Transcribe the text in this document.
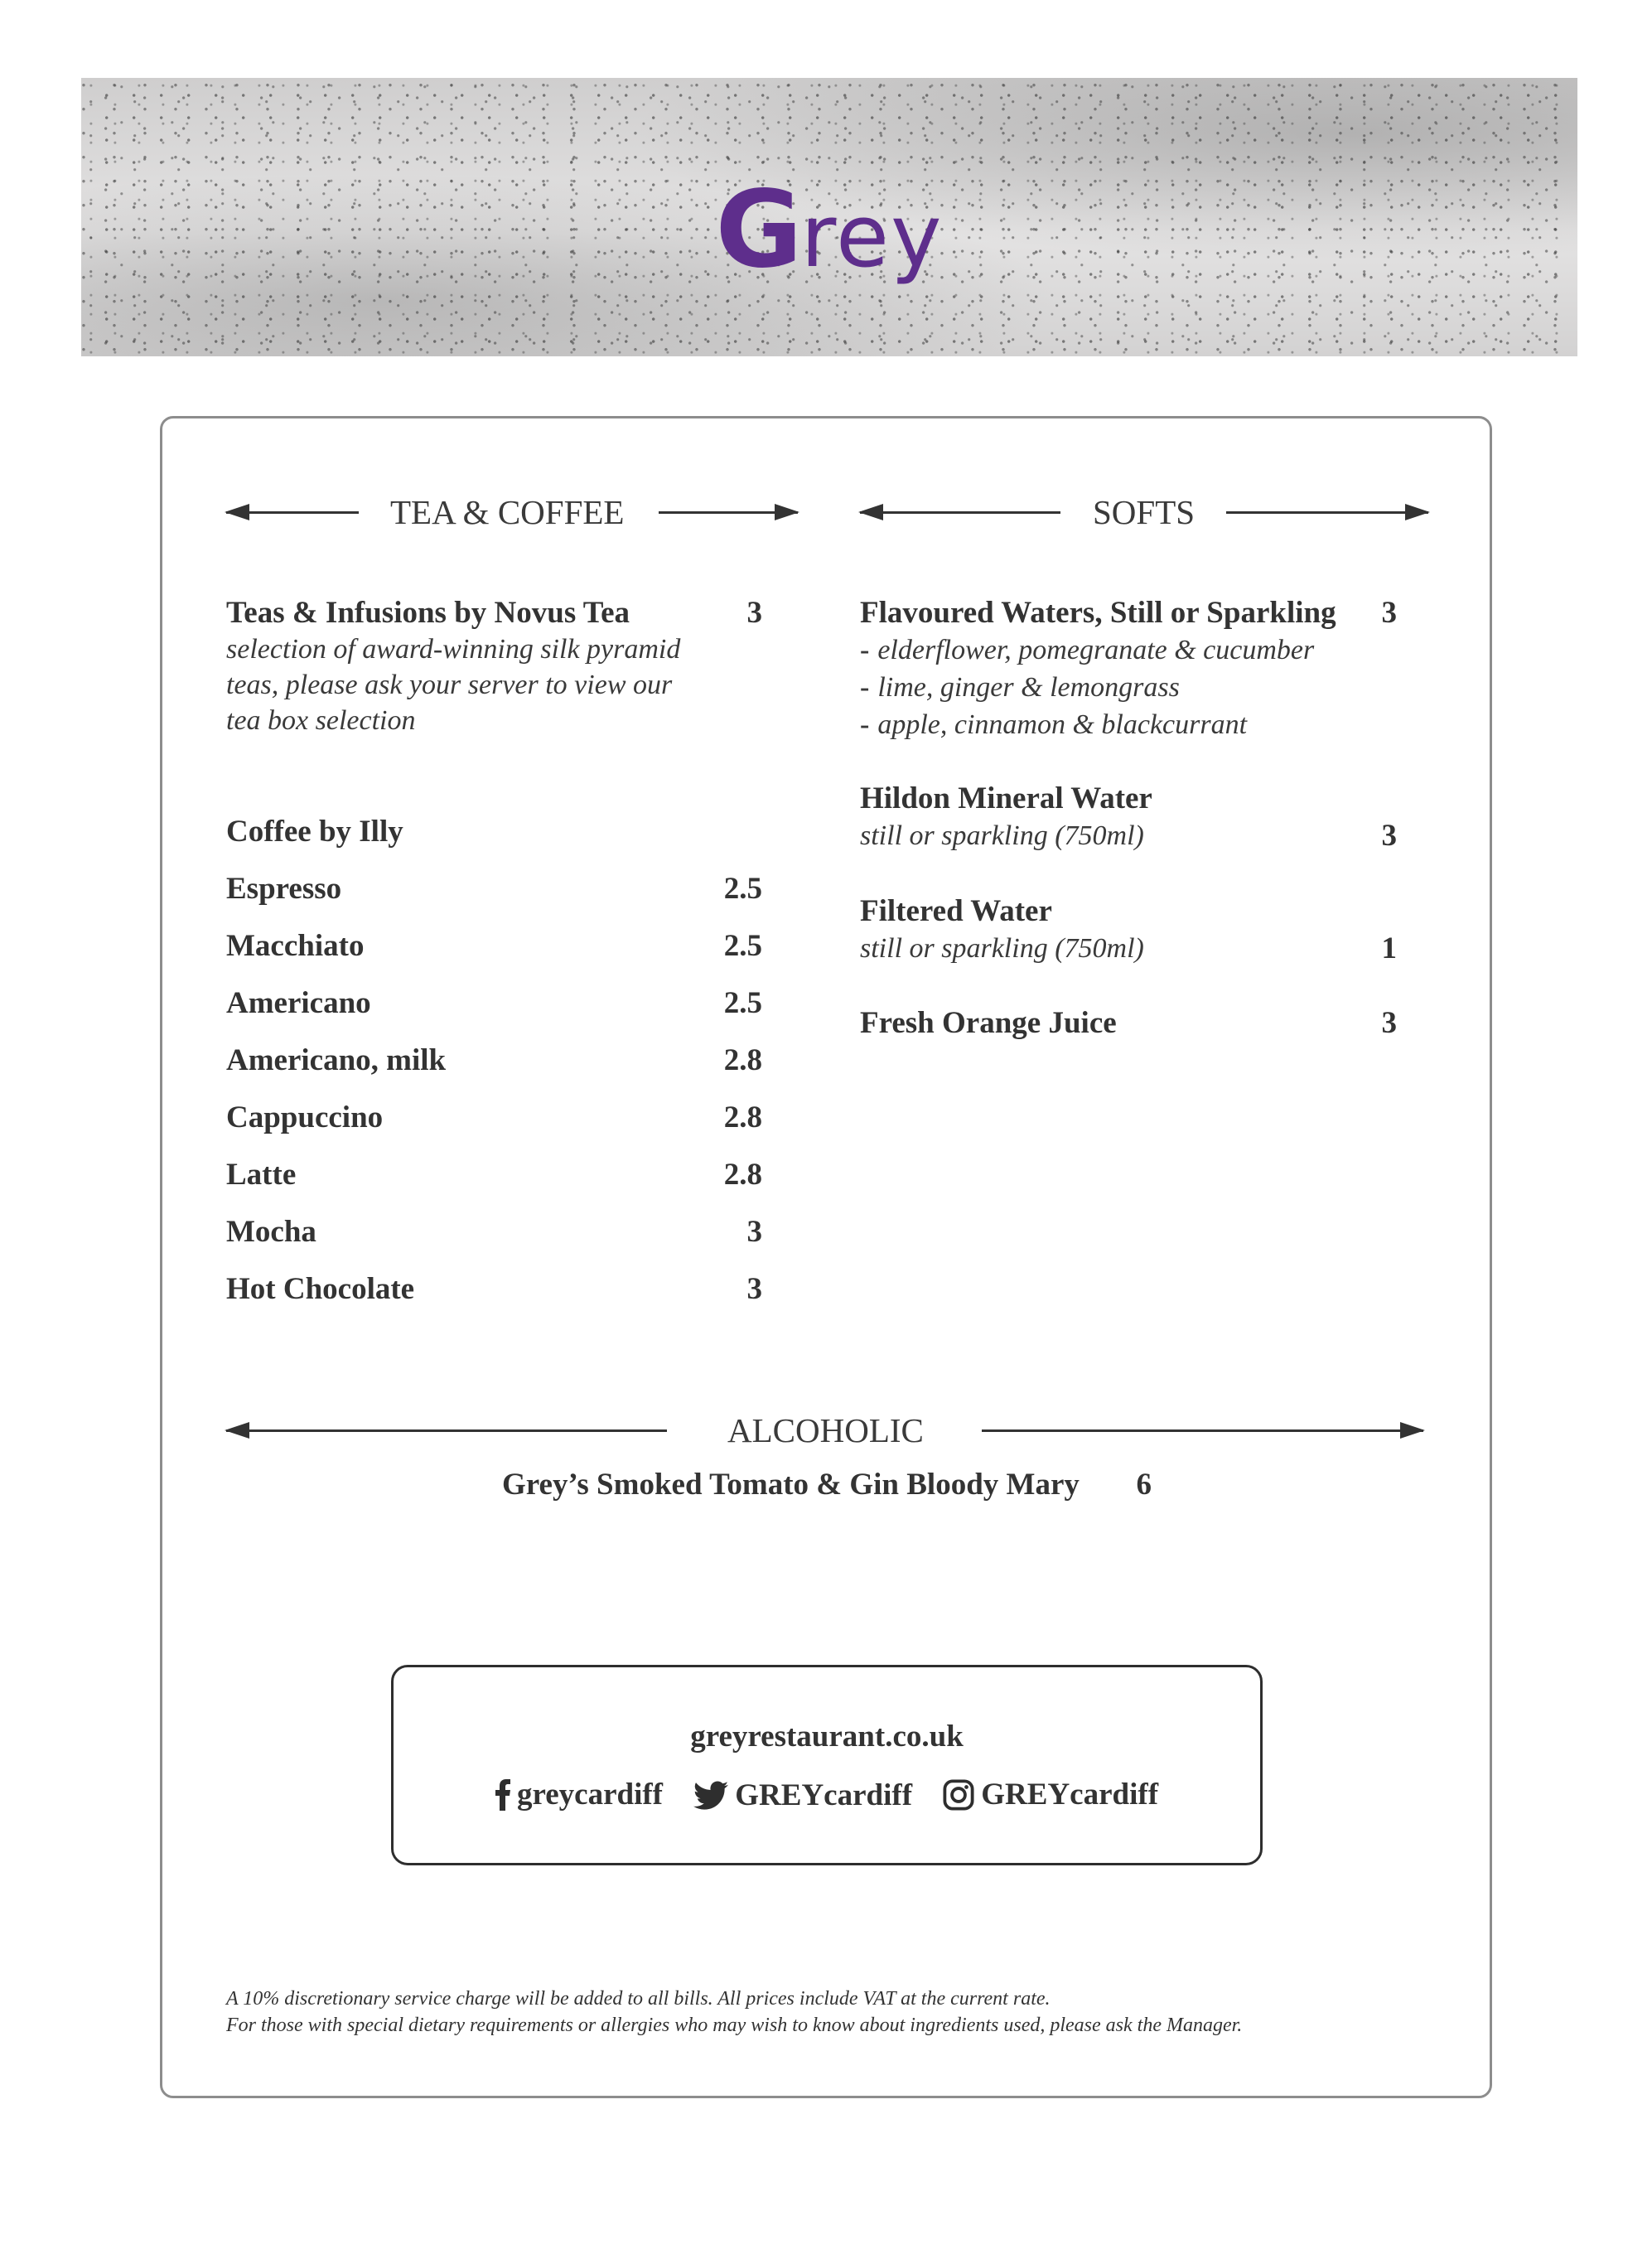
Grey
TEA & COFFEE	SOFTS
Teas & Infusions by Novus Tea	3
selection of award-winning silk pyramid
teas, please ask your server to view our
tea box selection
Coffee by Illy
Espresso	2.5
Macchiato	2.5
Americano	2.5
Americano, milk	2.8
Cappuccino	2.8
Latte	2.8
Mocha	3
Hot Chocolate	3
Flavoured Waters, Still or Sparkling	3
- elderflower, pomegranate & cucumber
- lime, ginger & lemongrass
- apple, cinnamon & blackcurrant
Hildon Mineral Water
still or sparkling (750ml)	3
Filtered Water
still or sparkling (750ml)	1
Fresh Orange Juice	3
ALCOHOLIC
Grey’s Smoked Tomato & Gin Bloody Mary	6
greyrestaurant.co.uk
greycardiff
GREYcardiff
GREYcardiff
A 10% discretionary service charge will be added to all bills. All prices include VAT at the current rate.
For those with special dietary requirements or allergies who may wish to know about ingredients used, please ask the Manager.
